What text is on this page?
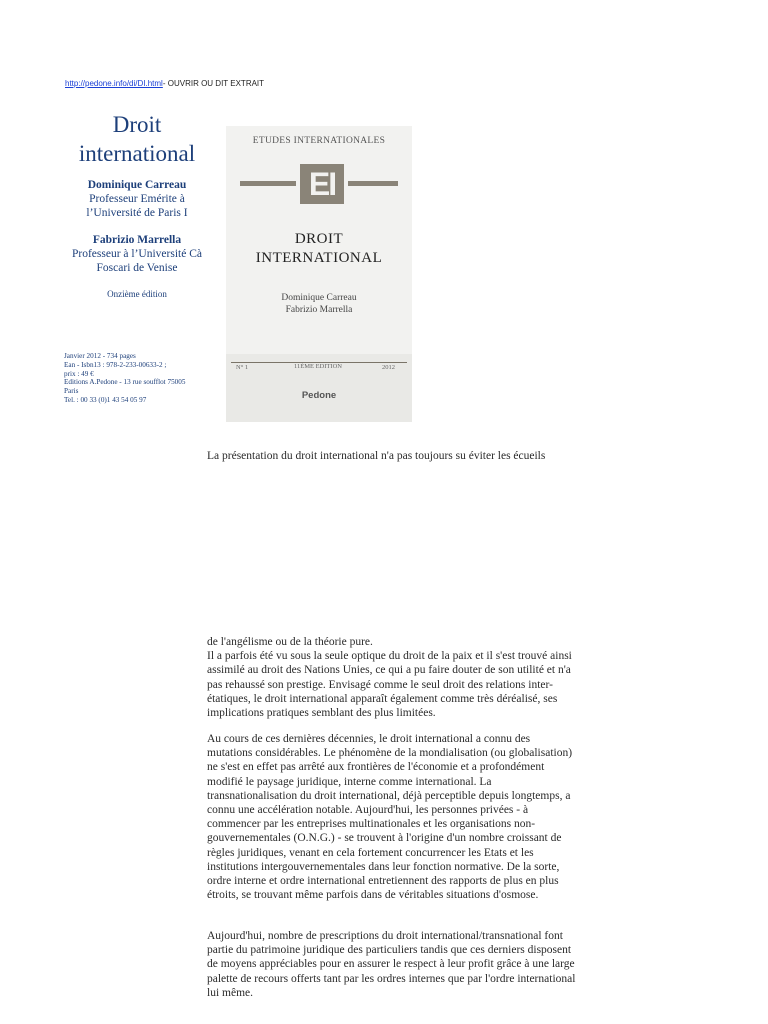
http://pedone.info/di/DI.html- OUVRIR OU DIT EXTRAIT
Droit
international
Dominique Carreau
Professeur Emérite à
l’Université de Paris I
Fabrizio Marrella
Professeur à l’Université Cà
Foscari de Venise
Onzième édition
Janvier 2012 - 734 pages
Ean - Isbn13 : 978-2-233-00633-2 ;
prix : 49 €
Editions A.Pedone - 13 rue soufflot 75005
Paris
Tel. : 00 33 (0)1 43 54 05 97
ETUDES INTERNATIONALES
EI
DROIT
INTERNATIONAL
Dominique Carreau
Fabrizio Marrella
N° 1	11ÈME EDITION	2012
Pedone
La présentation du droit international n'a pas toujours su éviter les écueils
de l'angélisme ou de la théorie pure.
Il a parfois été vu sous la seule optique du droit de la paix et il s'est trouvé ainsi assimilé au droit des Nations Unies, ce qui a pu faire douter de son utilité et n'a pas rehaussé son prestige. Envisagé comme le seul droit des relations inter-étatiques, le droit international apparaît également comme très déréalisé, ses implications pratiques semblant des plus limitées.
Au cours de ces dernières décennies, le droit international a connu des mutations considérables. Le phénomène de la mondialisation (ou globalisation) ne s'est en effet pas arrêté aux frontières de l'économie et a profondément modifié le paysage juridique, interne comme international. La transnationalisation du droit international, déjà perceptible depuis longtemps, a connu une accélération notable. Aujourd'hui, les personnes privées - à commencer par les entreprises multinationales et les organisations non-gouvernementales (O.N.G.) - se trouvent à l'origine d'un nombre croissant de règles juridiques, venant en cela fortement concurrencer les Etats et les institutions intergouvernementales dans leur fonction normative. De la sorte, ordre interne et ordre international entretiennent des rapports de plus en plus étroits, se trouvant même parfois dans de véritables situations d'osmose.
Aujourd'hui, nombre de prescriptions du droit international/transnational font partie du patrimoine juridique des particuliers tandis que ces derniers disposent de moyens appréciables pour en assurer le respect à leur profit grâce à une large palette de recours offerts tant par les ordres internes que par l'ordre international lui même.
